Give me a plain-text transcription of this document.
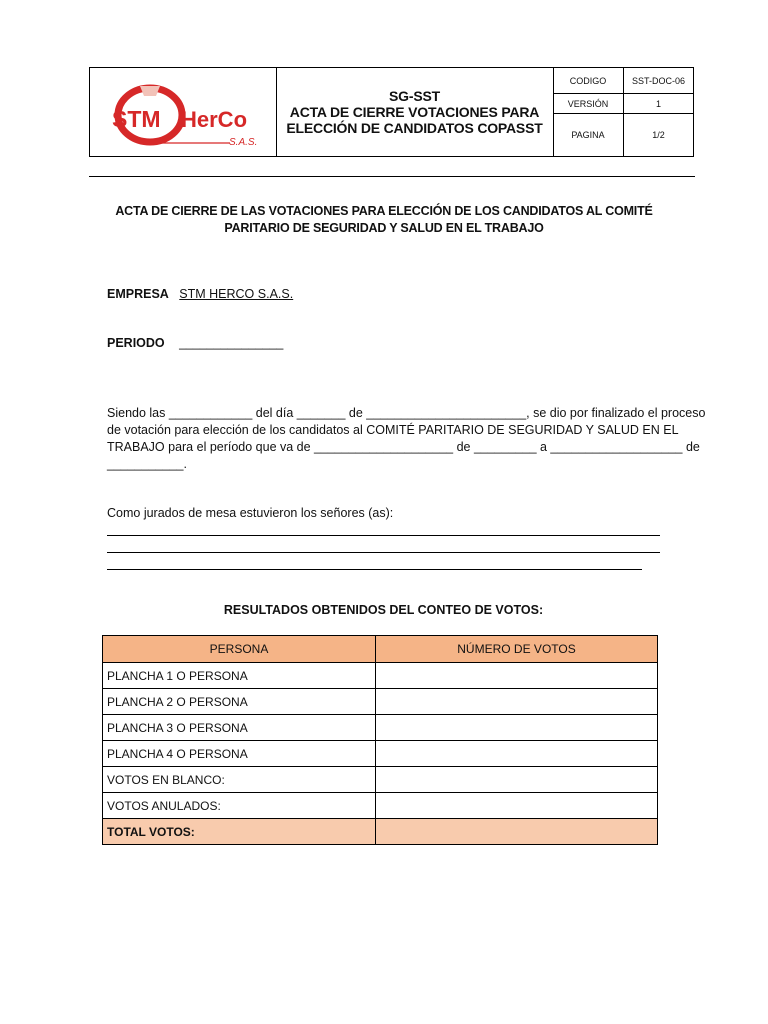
STM HerCo
S.A.S.
SG-SST
ACTA DE CIERRE VOTACIONES PARA
ELECCIÓN DE CANDIDATOS COPASST
CODIGO	SST-DOC-06
VERSIÓN	1
PAGINA	1/2
ACTA DE CIERRE DE LAS VOTACIONES PARA ELECCIÓN DE LOS CANDIDATOS AL COMITÉ
PARITARIO DE SEGURIDAD Y SALUD EN EL TRABAJO
EMPRESA STM HERCO S.A.S.
PERIODO _______________
Siendo las ____________ del día _______ de _______________________, se dio por finalizado el proceso
de votación para elección de los candidatos al COMITÉ PARITARIO DE SEGURIDAD Y SALUD EN EL
TRABAJO para el período que va de ____________________ de _________ a ___________________ de
___________.
Como jurados de mesa estuvieron los señores (as):
RESULTADOS OBTENIDOS DEL CONTEO DE VOTOS:
PERSONA	NÚMERO DE VOTOS
PLANCHA 1 O PERSONA	
PLANCHA 2 O PERSONA	
PLANCHA 3 O PERSONA	
PLANCHA 4 O PERSONA	
VOTOS EN BLANCO:	
VOTOS ANULADOS:	
TOTAL VOTOS:	
